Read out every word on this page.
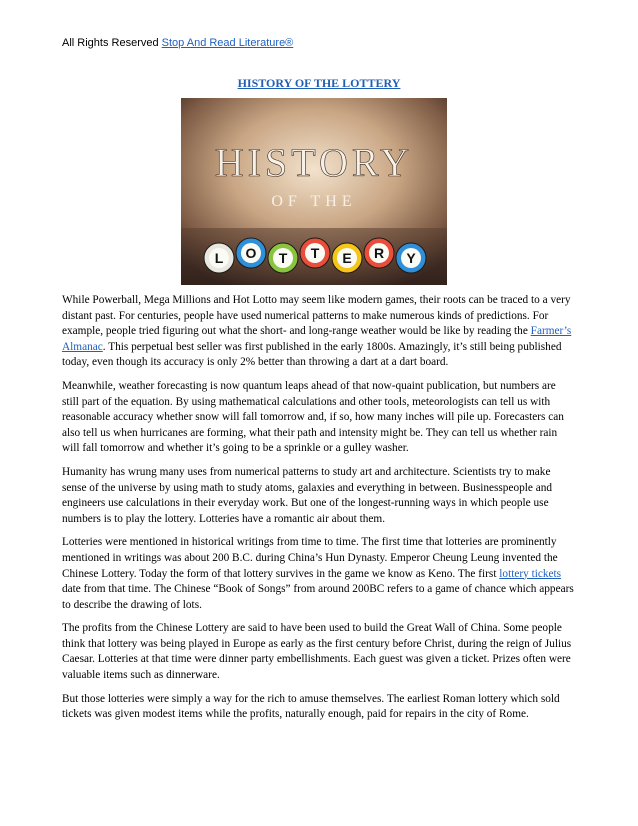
All Rights Reserved Stop And Read Literature®
HISTORY OF THE LOTTERY
HISTORY
OF THE
L O T T E R Y

While Powerball, Mega Millions and Hot Lotto may seem like modern games, their roots can be traced to a very distant past. For centuries, people have used numerical patterns to make numerous kinds of predictions. For example, people tried figuring out what the short- and long-range weather would be like by reading the Farmer’s Almanac. This perpetual best seller was first published in the early 1800s. Amazingly, it’s still being published today, even though its accuracy is only 2% better than throwing a dart at a dart board.

Meanwhile, weather forecasting is now quantum leaps ahead of that now-quaint publication, but numbers are still part of the equation. By using mathematical calculations and other tools, meteorologists can tell us with reasonable accuracy whether snow will fall tomorrow and, if so, how many inches will pile up. Forecasters can also tell us when hurricanes are forming, what their path and intensity might be. They can tell us whether rain will fall tomorrow and whether it’s going to be a sprinkle or a gulley washer.

Humanity has wrung many uses from numerical patterns to study art and architecture. Scientists try to make sense of the universe by using math to study atoms, galaxies and everything in between. Businesspeople and engineers use calculations in their everyday work. But one of the longest-running ways in which people use numbers is to play the lottery. Lotteries have a romantic air about them.

Lotteries were mentioned in historical writings from time to time. The first time that lotteries are prominently mentioned in writings was about 200 B.C. during China’s Hun Dynasty. Emperor Cheung Leung invented the Chinese Lottery. Today the form of that lottery survives in the game we know as Keno. The first lottery tickets date from that time. The Chinese “Book of Songs” from around 200BC refers to a game of chance which appears to describe the drawing of lots.

The profits from the Chinese Lottery are said to have been used to build the Great Wall of China. Some people think that lottery was being played in Europe as early as the first century before Christ, during the reign of Julius Caesar. Lotteries at that time were dinner party embellishments. Each guest was given a ticket. Prizes often were valuable items such as dinnerware.

But those lotteries were simply a way for the rich to amuse themselves. The earliest Roman lottery which sold tickets was given modest items while the profits, naturally enough, paid for repairs in the city of Rome.
